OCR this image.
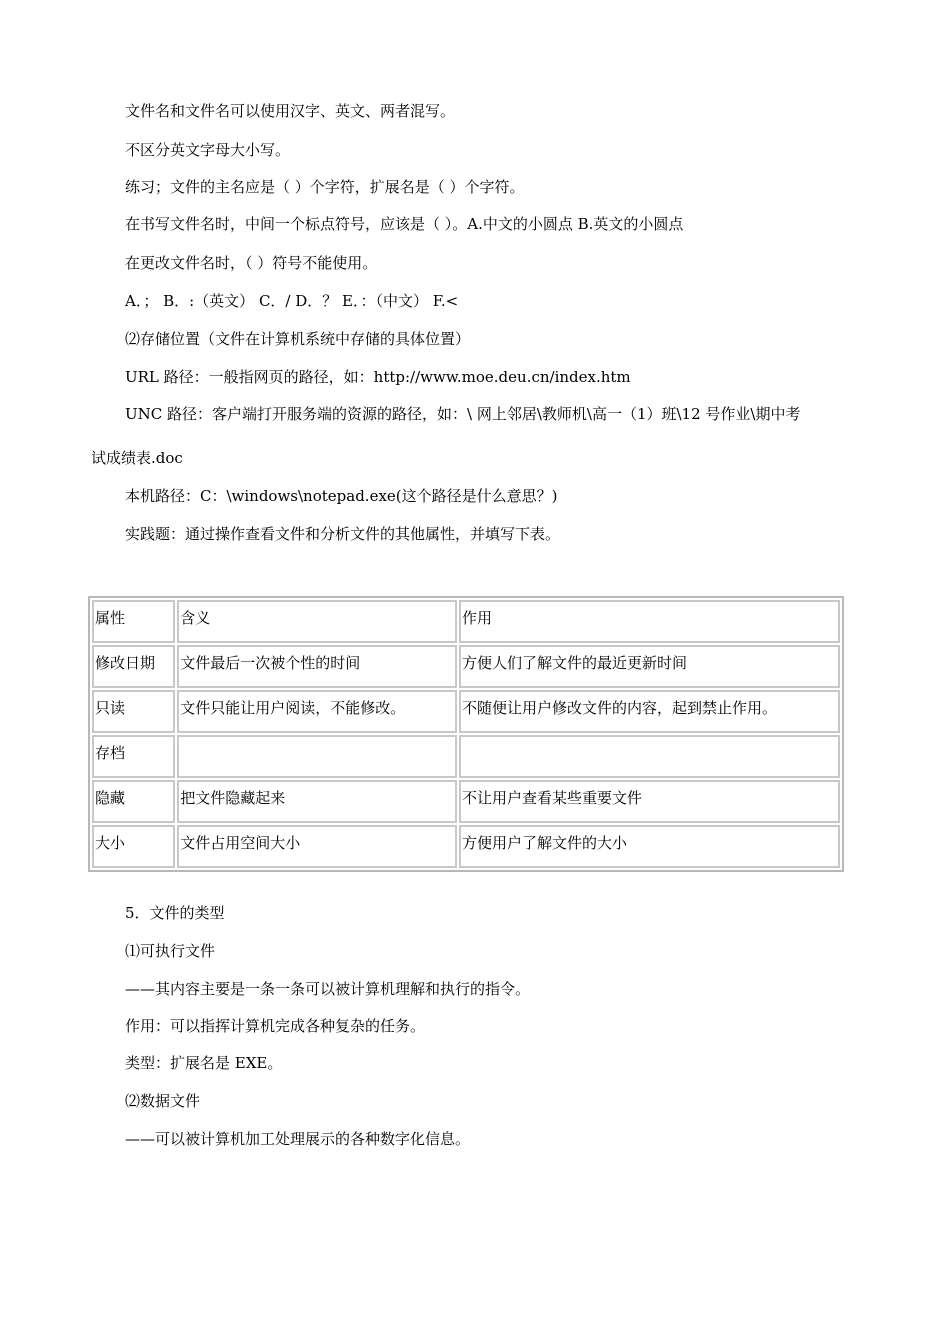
文件名和文件名可以使用汉字、英文、两者混写。
不区分英文字母大小写。
练习；文件的主名应是（ ）个字符，扩展名是（ ）个字符。
在书写文件名时，中间一个标点符号，应该是（ ）。A.中文的小圆点 B.英文的小圆点
在更改文件名时，（ ）符号不能使用。
A．； B．:（英文） C．/ D．？ E．：（中文） F.<
⑵存储位置（文件在计算机系统中存储的具体位置）
URL 路径：一般指网页的路径，如：http://www.moe.deu.cn/index.htm
UNC 路径：客户端打开服务端的资源的路径，如：\ 网上邻居\教师机\高一（1）班\12 号作业\期中考
试成绩表.doc
本机路径：C：\windows\notepad.exe(这个路径是什么意思？)
实践题：通过操作查看文件和分析文件的其他属性，并填写下表。
属性	含义	作用
修改日期	文件最后一次被个性的时间	方便人们了解文件的最近更新时间
只读	文件只能让用户阅读，不能修改。	不随便让用户修改文件的内容，起到禁止作用。
存档		
隐藏	把文件隐藏起来	不让用户查看某些重要文件
大小	文件占用空间大小	方便用户了解文件的大小
5．文件的类型
⑴可执行文件
——其内容主要是一条一条可以被计算机理解和执行的指令。
作用：可以指挥计算机完成各种复杂的任务。
类型：扩展名是 EXE。
⑵数据文件
——可以被计算机加工处理展示的各种数字化信息。
